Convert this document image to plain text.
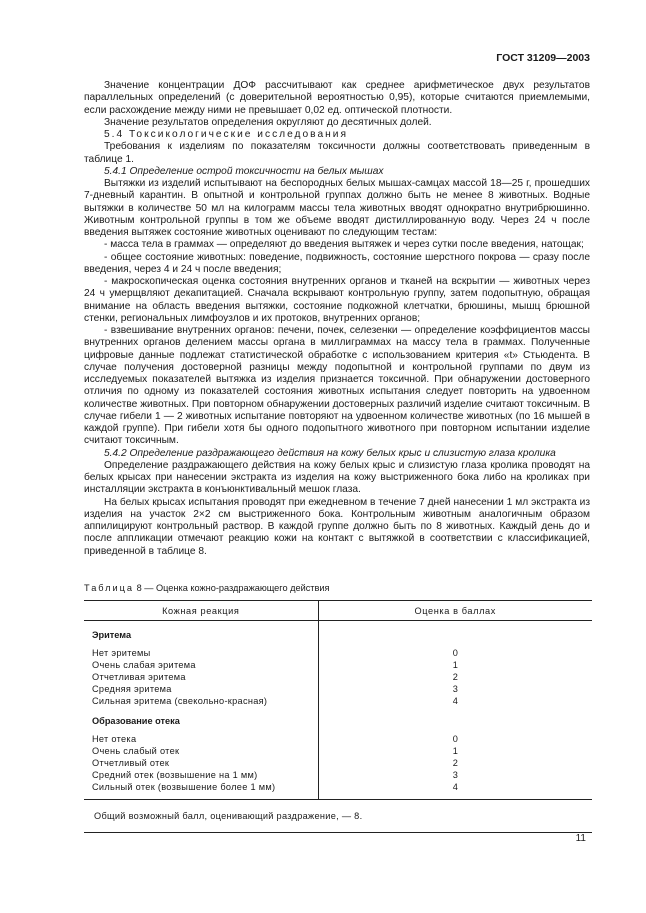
ГОСТ 31209—2003

Значение концентрации ДОФ рассчитывают как среднее арифметическое двух результатов параллельных определений (с доверительной вероятностью 0,95), которые считаются приемлемыми, если расхождение между ними не превышает 0,02 ед. оптической плотности.

Значение результатов определения округляют до десятичных долей.

5.4 Токсикологические исследования

Требования к изделиям по показателям токсичности должны соответствовать приведенным в таблице 1.

5.4.1 Определение острой токсичности на белых мышах

Вытяжки из изделий испытывают на беспородных белых мышах-самцах массой 18—25 г, прошедших 7-дневный карантин. В опытной и контрольной группах должно быть не менее 8 животных. Водные вытяжки в количестве 50 мл на килограмм массы тела животных вводят однократно внутрибрюшинно. Животным контрольной группы в том же объеме вводят дистиллированную воду. Через 24 ч после введения вытяжек состояние животных оценивают по следующим тестам:

- масса тела в граммах — определяют до введения вытяжек и через сутки после введения, натощак;

- общее состояние животных: поведение, подвижность, состояние шерстного покрова — сразу после введения, через 4 и 24 ч после введения;

- макроскопическая оценка состояния внутренних органов и тканей на вскрытии — животных через 24 ч умерщвляют декапитацией. Сначала вскрывают контрольную группу, затем подопытную, обращая внимание на область введения вытяжки, состояние подкожной клетчатки, брюшины, мышц брюшной стенки, региональных лимфоузлов и их протоков, внутренних органов;

- взвешивание внутренних органов: печени, почек, селезенки — определение коэффициентов массы внутренних органов делением массы органа в миллиграммах на массу тела в граммах. Полученные цифровые данные подлежат статистической обработке с использованием критерия «t» Стьюдента. В случае получения достоверной разницы между подопытной и контрольной группами по двум из исследуемых показателей вытяжка из изделия признается токсичной. При обнаружении достоверного отличия по одному из показателей состояния животных испытания следует повторить на удвоенном количестве животных. При повторном обнаружении достоверных различий изделие считают токсичным. В случае гибели 1 — 2 животных испытание повторяют на удвоенном количестве животных (по 16 мышей в каждой группе). При гибели хотя бы одного подопытного животного при повторном испытании изделие считают токсичным.

5.4.2 Определение раздражающего действия на кожу белых крыс и слизистую глаза кролика

Определение раздражающего действия на кожу белых крыс и слизистую глаза кролика проводят на белых крысах при нанесении экстракта из изделия на кожу выстриженного бока либо на кроликах при инсталляции экстракта в конъюнктивальный мешок глаза.

На белых крысах испытания проводят при ежедневном в течение 7 дней нанесении 1 мл экстракта из изделия на участок 2×2 см выстриженного бока. Контрольным животным аналогичным образом аппилицируют контрольный раствор. В каждой группе должно быть по 8 животных. Каждый день до и после аппликации отмечают реакцию кожи на контакт с вытяжкой в соответствии с классификацией, приведенной в таблице 8.

Таблица 8 — Оценка кожно-раздражающего действия
Кожная реакция	Оценка в баллах
Эритема	
Нет эритемы	0
Очень слабая эритема	1
Отчетливая эритема	2
Средняя эритема	3
Сильная эритема (свекольно-красная)	4
Образование отека	
Нет отека	0
Очень слабый отек	1
Отчетливый отек	2
Средний отек (возвышение на 1 мм)	3
Сильный отек (возвышение более 1 мм)	4

Общий возможный балл, оценивающий раздражение, — 8.	
11
